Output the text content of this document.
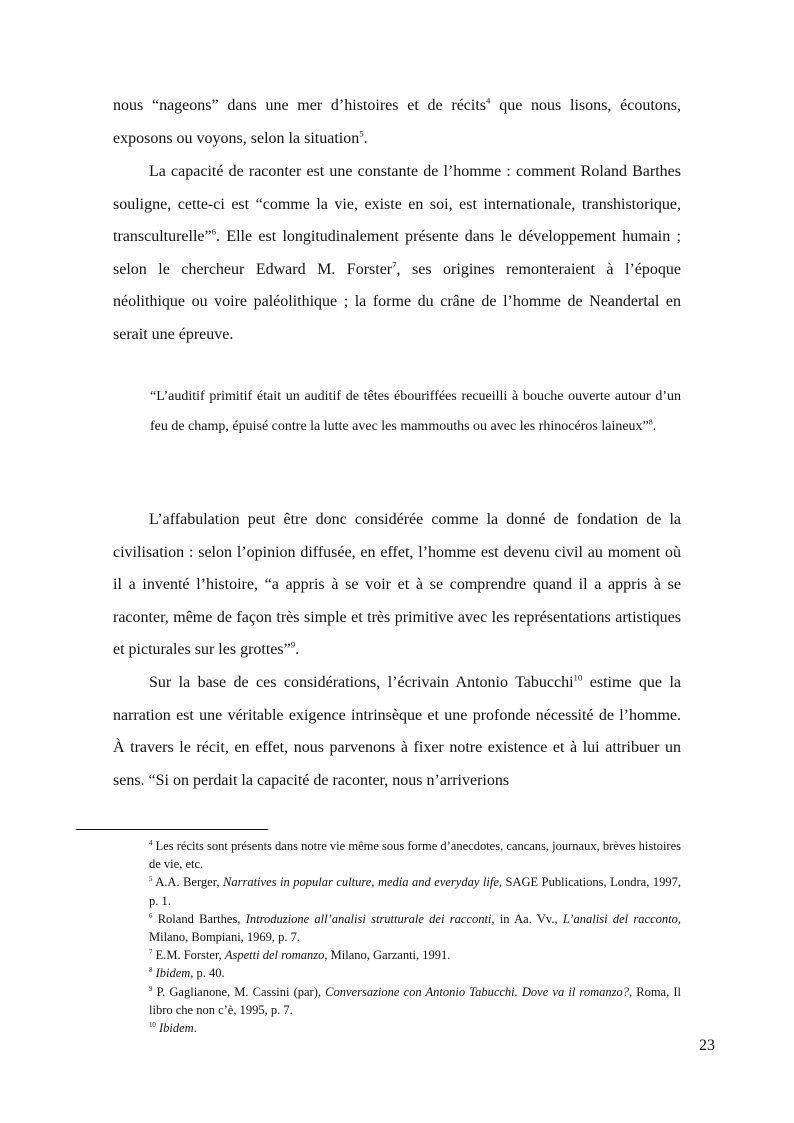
nous “nageons” dans une mer d’histoires et de récits$^4$ que nous lisons, écoutons, exposons ou voyons, selon la situation$^5$.

La capacité de raconter est une constante de l’homme : comment Roland Barthes souligne, cette-ci est “comme la vie, existe en soi, est internationale, transhistorique, transculturelle”$^6$. Elle est longitudinalement présente dans le développement humain ; selon le chercheur Edward M. Forster$^7$, ses origines remonteraient à l’époque néolithique ou voire paléolithique ; la forme du crâne de l’homme de Neandertal en serait une épreuve.

“L’auditif primitif était un auditif de têtes ébouriffées recueilli à bouche ouverte autour d’un feu de champ, épuisé contre la lutte avec les mammouths ou avec les rhinocéros laineux”$^8$.

L’affabulation peut être donc considérée comme la donné de fondation de la civilisation : selon l’opinion diffusée, en effet, l’homme est devenu civil au moment où il a inventé l’histoire, “a appris à se voir et à se comprendre quand il a appris à se raconter, même de façon très simple et très primitive avec les représentations artistiques et picturales sur les grottes”$^9$.

Sur la base de ces considérations, l’écrivain Antonio Tabucchi$^{10}$ estime que la narration est une véritable exigence intrinsèque et une profonde nécessité de l’homme. À travers le récit, en effet, nous parvenons à fixer notre existence et à lui attribuer un sens. “Si on perdait la capacité de raconter, nous n’arriverions

$^4$ Les récits sont présents dans notre vie même sous forme d’anecdotes, cancans, journaux, brèves histoires de vie, etc.

$^5$ A.A. Berger, Narratives in popular culture, media and everyday life, SAGE Publications, Londra, 1997, p. 1.

$^6$ Roland Barthes, Introduzione all’analisi strutturale dei racconti, in Aa. Vv., L’analisi del racconto, Milano, Bompiani, 1969, p. 7.

$^7$ E.M. Forster, Aspetti del romanzo, Milano, Garzanti, 1991.

$^8$ Ibidem, p. 40.

$^9$ P. Gaglianone, M. Cassini (par), Conversazione con Antonio Tabucchi. Dove va il romanzo?, Roma, Il libro che non c’è, 1995, p. 7.

$^{10}$ Ibidem.

23
